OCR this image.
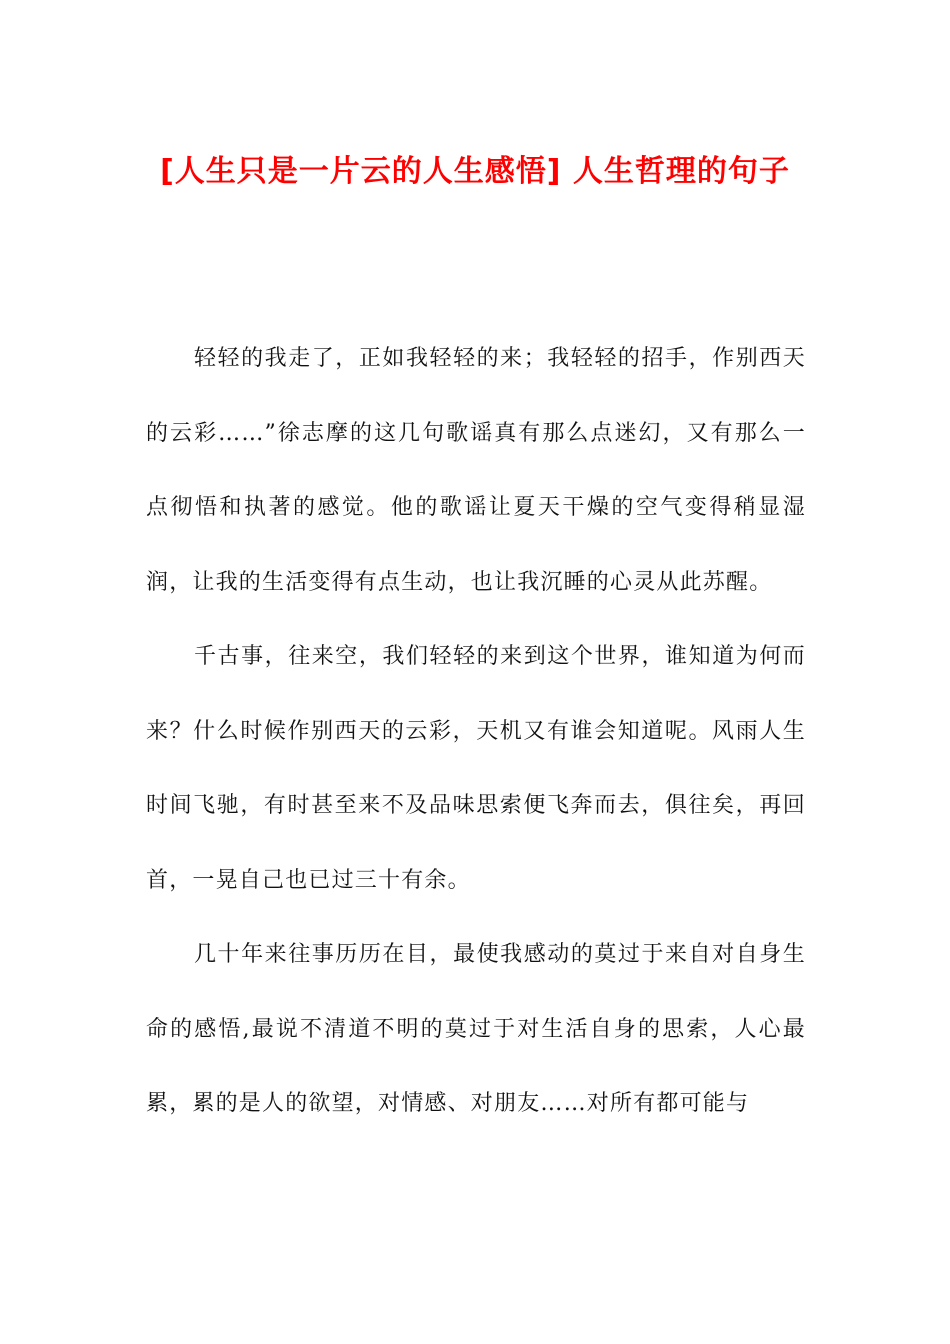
[人生只是一片云的人生感悟] 人生哲理的句子

轻轻的我走了，正如我轻轻的来；我轻轻的招手，作别西天的云彩……”徐志摩的这几句歌谣真有那么点迷幻，又有那么一点彻悟和执著的感觉。他的歌谣让夏天干燥的空气变得稍显湿润，让我的生活变得有点生动，也让我沉睡的心灵从此苏醒。

千古事，往来空，我们轻轻的来到这个世界，谁知道为何而来？什么时候作别西天的云彩，天机又有谁会知道呢。风雨人生时间飞驰，有时甚至来不及品味思索便飞奔而去，俱往矣，再回首，一晃自己也已过三十有余。

几十年来往事历历在目，最使我感动的莫过于来自对自身生命的感悟,最说不清道不明的莫过于对生活自身的思索，人心最累，累的是人的欲望，对情感、对朋友……对所有都可能与
